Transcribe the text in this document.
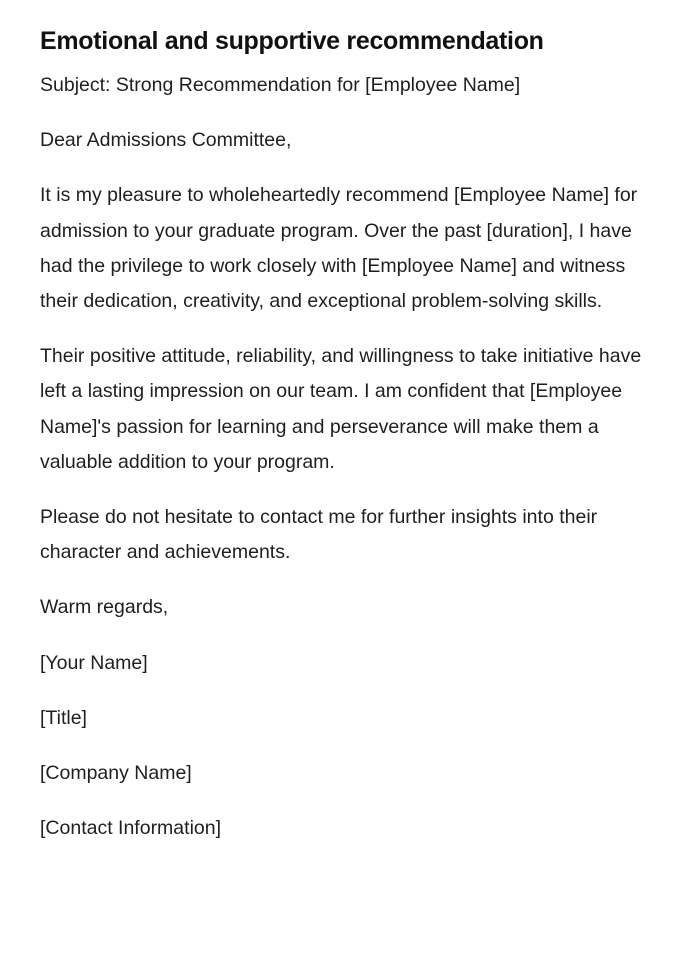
Emotional and supportive recommendation

Subject: Strong Recommendation for [Employee Name]

Dear Admissions Committee,

It is my pleasure to wholeheartedly recommend [Employee Name] for admission to your graduate program. Over the past [duration], I have had the privilege to work closely with [Employee Name] and witness their dedication, creativity, and exceptional problem-solving skills.

Their positive attitude, reliability, and willingness to take initiative have left a lasting impression on our team. I am confident that [Employee Name]'s passion for learning and perseverance will make them a valuable addition to your program.

Please do not hesitate to contact me for further insights into their character and achievements.

Warm regards,

[Your Name]

[Title]

[Company Name]

[Contact Information]
